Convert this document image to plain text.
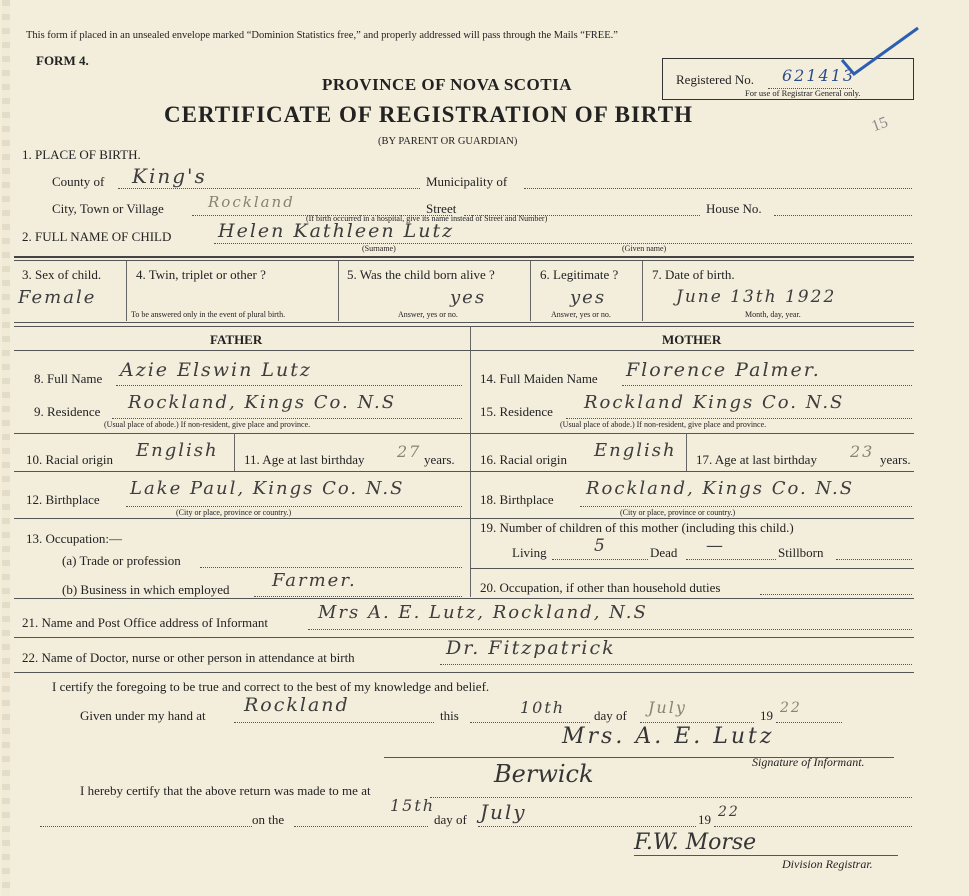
This form if placed in an unsealed envelope marked “Dominion Statistics free,” and properly addressed will pass through the Mails “FREE.”
FORM 4.
PROVINCE OF NOVA SCOTIA
CERTIFICATE OF REGISTRATION OF BIRTH
(BY PARENT OR GUARDIAN)
Registered No. 621413
For use of Registrar General only.
1. PLACE OF BIRTH.
County of King's	Municipality of
City, Town or Village	Rockland	Street	House No.
(If birth occurred in a hospital, give its name instead of Street and Number)
2. FULL NAME OF CHILD Helen Kathleen Lutz
(Surname)	(Given name)
3. Sex of child.
Female
4. Twin, triplet or other ?
To be answered only in the event of plural birth.
5. Was the child born alive ?
yes
Answer, yes or no.
6. Legitimate ?
yes
Answer, yes or no.
7. Date of birth.
June 13th 1922
Month, day, year.
FATHER	MOTHER
8. Full Name Azie Elswin Lutz
9. Residence Rockland, Kings Co. N.S
(Usual place of abode.) If non-resident, give place and province.
10. Racial origin English 11. Age at last birthday 27 years.
12. Birthplace
Lake Paul, Kings Co. N.S
(City or place, province or country.)
13. Occupation:—
(a) Trade or profession
(b) Business in which employed Farmer.
14. Full Maiden Name Florence Palmer.
15. Residence Rockland Kings Co. N.S
(Usual place of abode.) If non-resident, give place and province.
16. Racial origin English 17. Age at last birthday 23 years.
18. Birthplace
Rockland, Kings Co. N.S
(City or place, province or country.)
19. Number of children of this mother (including this child.)
Living	5	Dead —	Stillborn
20. Occupation, if other than household duties
21. Name and Post Office address of Informant	Mrs A. E. Lutz, Rockland, N.S
22. Name of Doctor, nurse or other person in attendance at birth	Dr. Fitzpatrick
I certify the foregoing to be true and correct to the best of my knowledge and belief.
Given under my hand at Rockland	this	10th day of July	19 22
Mrs. A. E. Lutz
Signature of Informant.
I hereby certify that the above return was made to me at
Berwick
on the
15th
day of July	19 22
F.W. Morse
Division Registrar.
15
